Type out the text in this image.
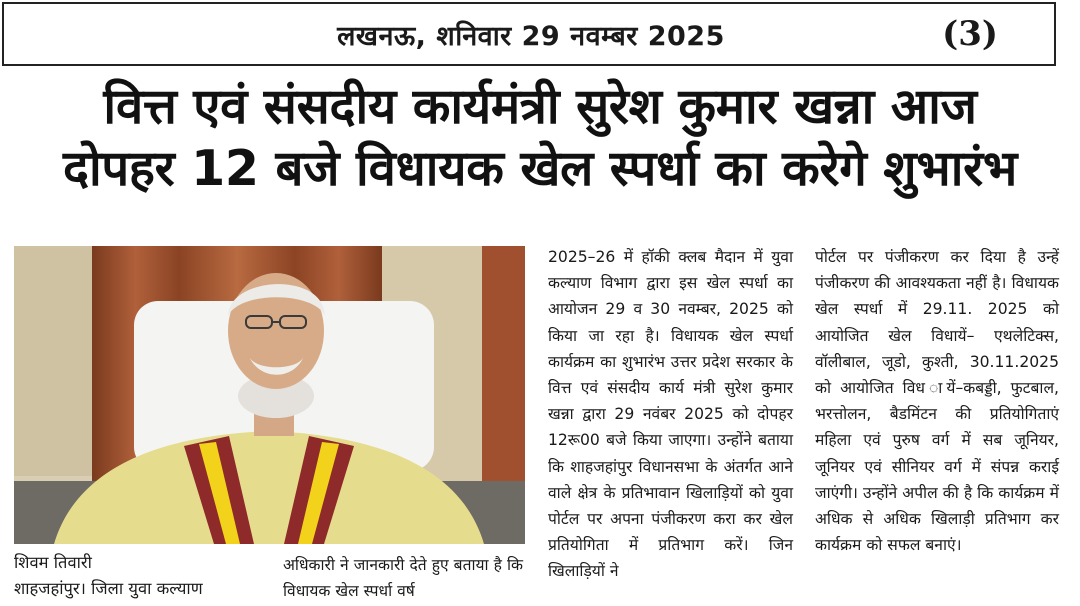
लखनऊ, शनिवार 29 नवम्बर 2025	(3)
वित्त एवं संसदीय कार्यमंत्री सुरेश कुमार खन्ना आज
दोपहर 12 बजे विधायक खेल स्पर्धा का करेगे शुभारंभ
शिवम तिवारी
शाहजहांपुर। जिला युवा कल्याण
अधिकारी ने जानकारी देते हुए बताया है कि विधायक खेल स्पर्धा वर्ष
2025–26 में हॉकी क्लब मैदान में युवा कल्याण विभाग द्वारा इस खेल स्पर्धा का आयोजन 29 व 30 नवम्बर, 2025 को किया जा रहा है। विधायक खेल स्पर्धा कार्यक्रम का शुभारंभ उत्तर प्रदेश सरकार के वित्त एवं संसदीय कार्य मंत्री सुरेश कुमार खन्ना द्वारा 29 नवंबर 2025 को दोपहर 12रू00 बजे किया जाएगा। उन्होंने बताया कि शाहजहांपुर विधानसभा के अंतर्गत आने वाले क्षेत्र के प्रतिभावान खिलाड़ियों को युवा पोर्टल पर अपना पंजीकरण करा कर खेल प्रतियोगिता में प्रतिभाग करें। जिन खिलाड़ियों ने
पोर्टल पर पंजीकरण कर दिया है उन्हें पंजीकरण की आवश्यकता नहीं है। विधायक खेल स्पर्धा में 29.11. 2025 को आयोजित खेल विधायें– एथलेटिक्स, वॉलीबाल, जूडो, कुश्ती, 30.11.2025 को आयोजित विध ायें–कबड्डी, फुटबाल, भरत्तोलन, बैडमिंटन की प्रतियोगिताएं महिला एवं पुरुष वर्ग में सब जूनियर, जूनियर एवं सीनियर वर्ग में संपन्न कराई जाएंगी। उन्होंने अपील की है कि कार्यक्रम में अधिक से अधिक खिलाड़ी प्रतिभाग कर कार्यक्रम को सफल बनाएं।
